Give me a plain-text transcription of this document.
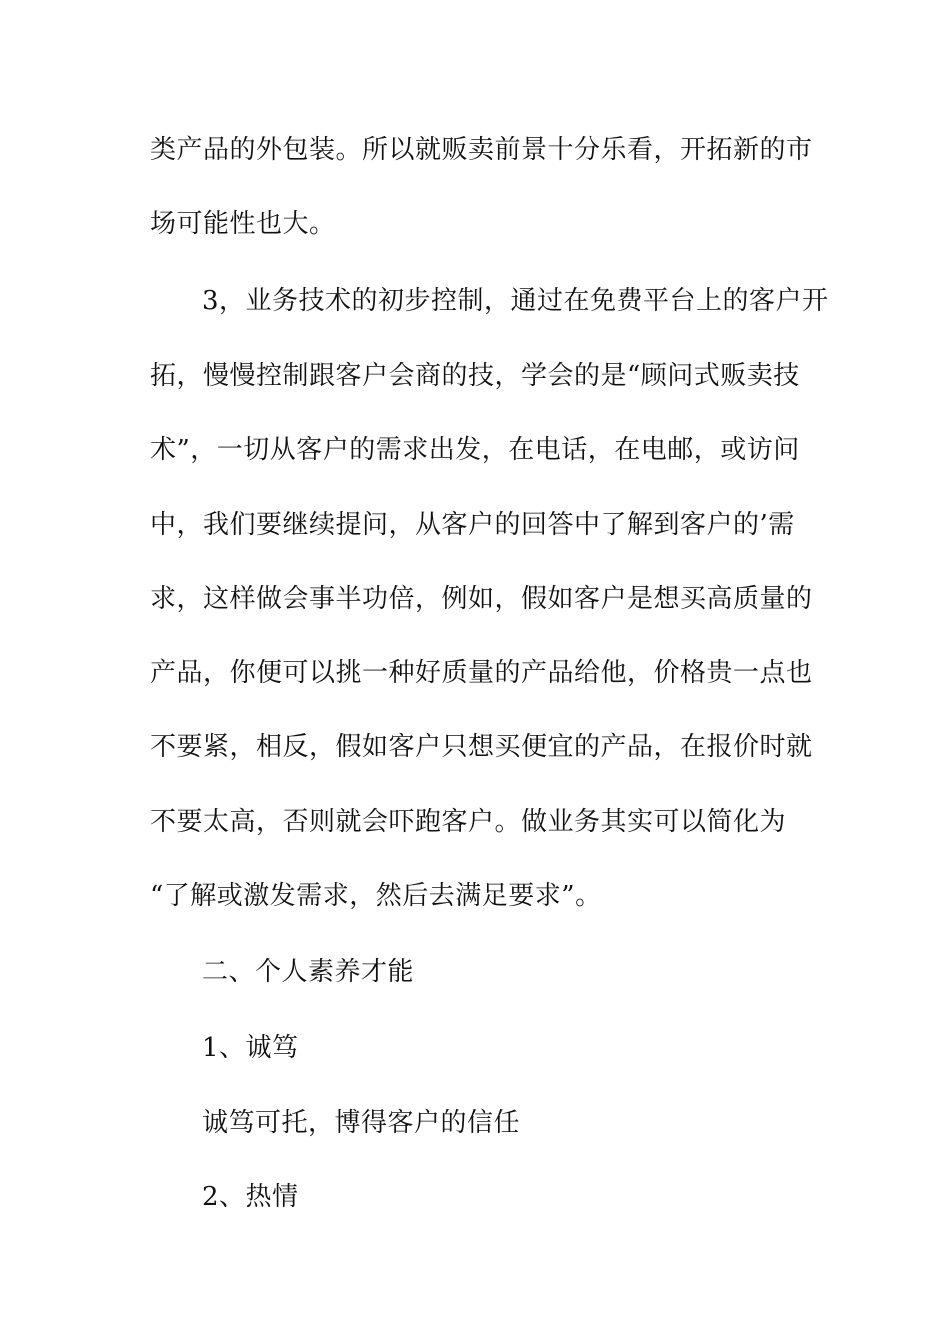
类产品的外包装。所以就贩卖前景十分乐看，开拓新的市
场可能性也大。
3，业务技术的初步控制，通过在免费平台上的客户开
拓，慢慢控制跟客户会商的技，学会的是“顾问式贩卖技
术”，一切从客户的需求出发，在电话，在电邮，或访问
中，我们要继续提问，从客户的回答中了解到客户的’需
求，这样做会事半功倍，例如，假如客户是想买高质量的
产品，你便可以挑一种好质量的产品给他，价格贵一点也
不要紧，相反，假如客户只想买便宜的产品，在报价时就
不要太高，否则就会吓跑客户。做业务其实可以简化为
“了解或激发需求，然后去满足要求”。
二、个人素养才能
1、诚笃
诚笃可托，博得客户的信任
2、热情
